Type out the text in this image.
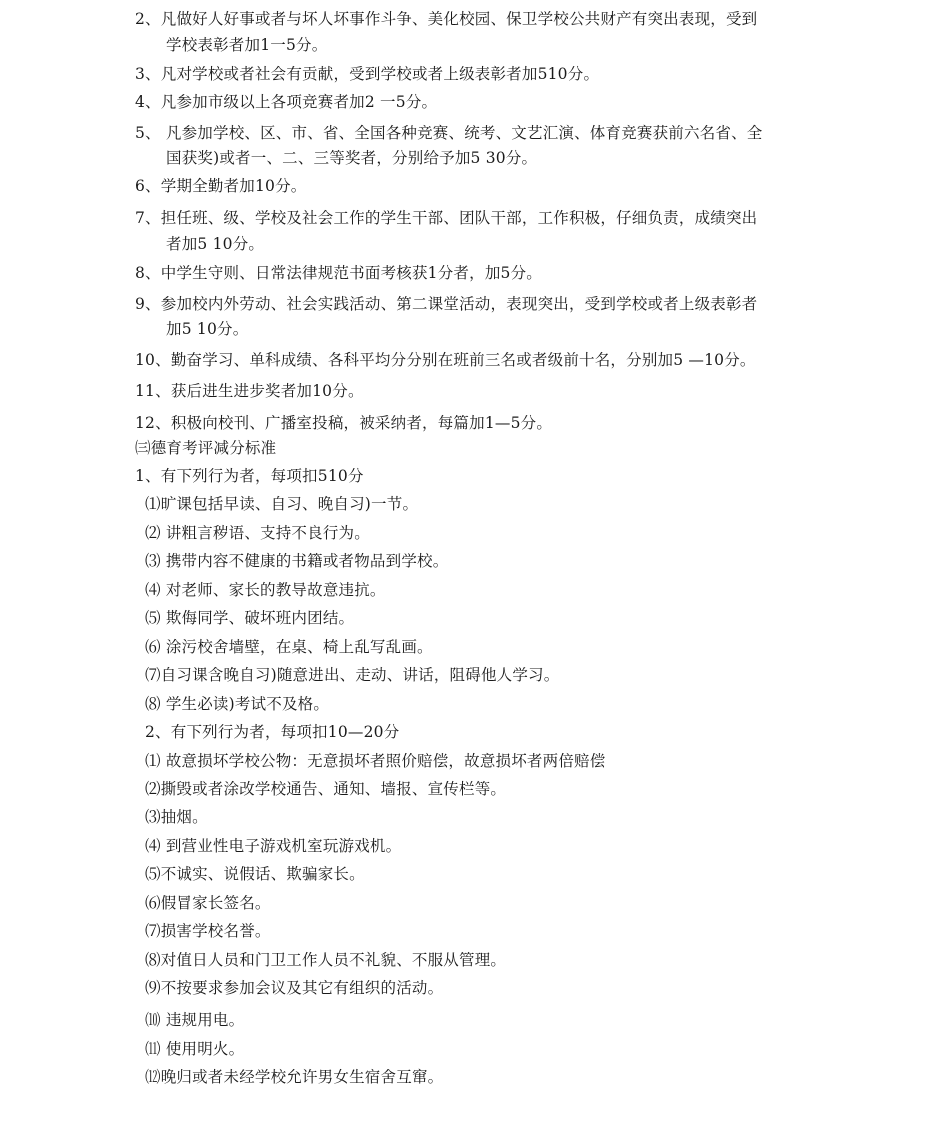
2、凡做好人好事或者与坏人坏事作斗争、美化校园、保卫学校公共财产有突出表现，受到
学校表彰者加1一5分。
3、凡对学校或者社会有贡献，受到学校或者上级表彰者加510分。
4、凡参加市级以上各项竞赛者加2 一5分。
5、 凡参加学校、区、市、省、全国各种竞赛、统考、文艺汇演、体育竞赛获前六名省、全
国获奖)或者一、二、三等奖者，分别给予加5 30分。
6、学期全勤者加10分。
7、担任班、级、学校及社会工作的学生干部、团队干部，工作积极，仔细负责，成绩突出
者加5 10分。
8、中学生守则、日常法律规范书面考核获1分者，加5分。
9、参加校内外劳动、社会实践活动、第二课堂活动，表现突出，受到学校或者上级表彰者
加5 10分。
10、勤奋学习、单科成绩、各科平均分分别在班前三名或者级前十名，分别加5 —10分。
11、获后进生进步奖者加10分。
12、积极向校刊、广播室投稿，被采纳者，每篇加1—5分。
㈢德育考评减分标准
1、有下列行为者，每项扣510分
⑴旷课包括早读、自习、晚自习)一节。
⑵ 讲粗言秽语、支持不良行为。
⑶ 携带内容不健康的书籍或者物品到学校。
⑷ 对老师、家长的教导故意违抗。
⑸ 欺侮同学、破坏班内团结。
⑹ 涂污校舍墙壁，在桌、椅上乱写乱画。
⑺自习课含晚自习)随意进出、走动、讲话，阻碍他人学习。
⑻ 学生必读)考试不及格。
2、有下列行为者，每项扣10—20分
⑴ 故意损坏学校公物：无意损坏者照价赔偿，故意损坏者两倍赔偿
⑵撕毁或者涂改学校通告、通知、墙报、宣传栏等。
⑶抽烟。
⑷ 到营业性电子游戏机室玩游戏机。
⑸不诚实、说假话、欺骗家长。
⑹假冒家长签名。
⑺损害学校名誉。
⑻对值日人员和门卫工作人员不礼貌、不服从管理。
⑼不按要求参加会议及其它有组织的活动。
⑽ 违规用电。
⑾ 使用明火。
⑿晚归或者未经学校允许男女生宿舍互窜。
